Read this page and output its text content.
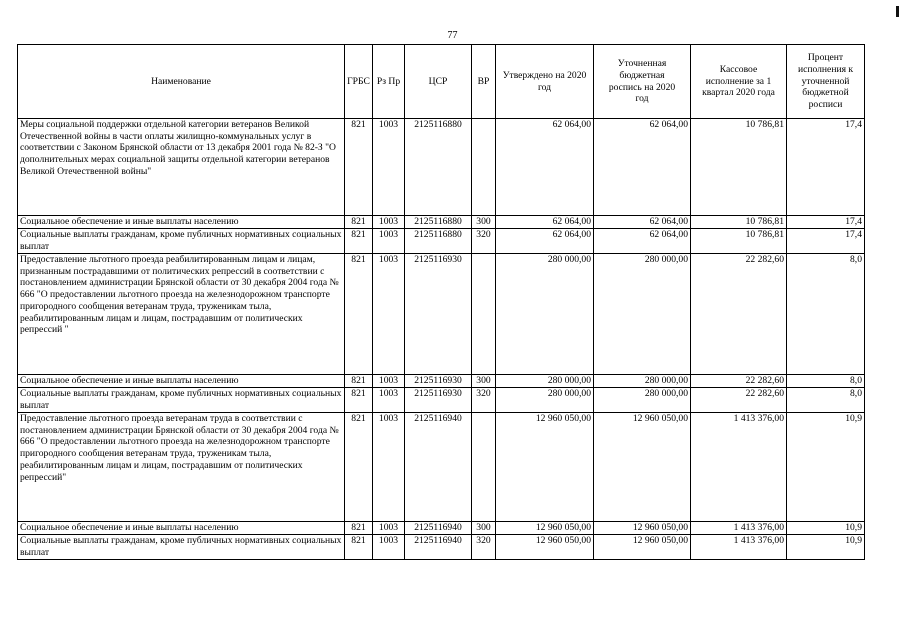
77
Наименование	ГРБС	Рз Пр	ЦСР	ВР	Утверждено на 2020 год	Уточненная бюджетная роспись на 2020 год	Кассовое исполнение за 1 квартал 2020 года	Процент исполнения к уточненной бюджетной росписи
Меры социальной поддержки отдельной категории ветеранов Великой Отечественной войны в части оплаты жилищно-коммунальных услуг в соответствии с Законом Брянской области от 13 декабря 2001 года № 82-З "О дополнительных мерах социальной защиты отдельной категории ветеранов Великой Отечественной войны"	821	1003	2125116880		62 064,00	62 064,00	10 786,81	17,4
Социальное обеспечение и иные выплаты населению	821	1003	2125116880	300	62 064,00	62 064,00	10 786,81	17,4
Социальные выплаты гражданам, кроме публичных нормативных социальных выплат	821	1003	2125116880	320	62 064,00	62 064,00	10 786,81	17,4
Предоставление льготного проезда реабилитированным лицам и лицам, признанным пострадавшими от политических репрессий в соответствии с постановлением администрации Брянской области от 30 декабря 2004 года № 666 "О предоставлении льготного проезда на железнодорожном транспорте пригородного сообщения ветеранам труда, труженикам тыла, реабилитированным лицам и лицам, пострадавшим от политических репрессий "	821	1003	2125116930		280 000,00	280 000,00	22 282,60	8,0
Социальное обеспечение и иные выплаты населению	821	1003	2125116930	300	280 000,00	280 000,00	22 282,60	8,0
Социальные выплаты гражданам, кроме публичных нормативных социальных выплат	821	1003	2125116930	320	280 000,00	280 000,00	22 282,60	8,0
Предоставление льготного проезда ветеранам труда в соответствии с постановлением администрации Брянской области от 30 декабря 2004 года № 666 "О предоставлении льготного проезда на железнодорожном транспорте пригородного сообщения ветеранам труда, труженикам тыла, реабилитированным лицам и лицам, пострадавшим от политических репрессий"	821	1003	2125116940		12 960 050,00	12 960 050,00	1 413 376,00	10,9
Социальное обеспечение и иные выплаты населению	821	1003	2125116940	300	12 960 050,00	12 960 050,00	1 413 376,00	10,9
Социальные выплаты гражданам, кроме публичных нормативных социальных выплат	821	1003	2125116940	320	12 960 050,00	12 960 050,00	1 413 376,00	10,9
